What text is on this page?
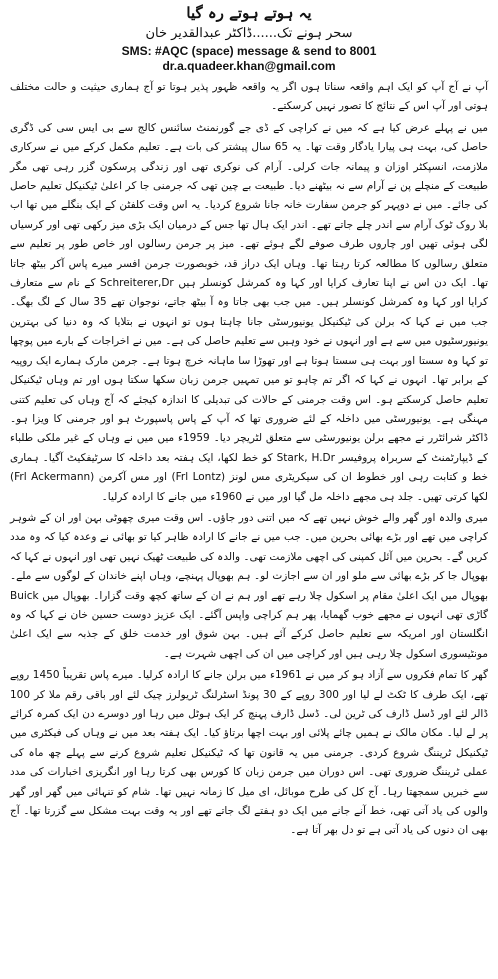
یہ ہوتے ہوتے رہ گیا

سحر ہونے تک......ڈاکٹر عبدالقدیر خان

SMS: #AQC (space) message & send to 8001

dr.a.quadeer.khan@gmail.com

آپ نے آج آپ کو ایک اہم واقعہ سناتا ہوں اگر یہ واقعہ ظہور پذیر ہوتا تو آج ہماری حیثیت و حالت مختلف ہوتی اور آپ اس کے نتائج کا تصور نہیں کرسکتے۔

میں نے پہلے عرض کیا ہے کہ میں نے کراچی کے ڈی جے گورنمنٹ سائنس کالج سے بی ایس سی کی ڈگری حاصل کی، بہت ہی پیارا یادگار وقت تھا۔ یہ 65 سال پیشتر کی بات ہے۔ تعلیم مکمل کرکے میں نے سرکاری ملازمت، انسپکٹر اوزان و پیمانہ جات کرلی۔ آرام کی نوکری تھی اور زندگی پرسکون گزر رہی تھی مگر طبیعت کے منچلے پن نے آرام سے نہ بیٹھنے دیا۔ طبیعت بے چین تھی کہ جرمنی جا کر اعلیٰ ٹیکنیکل تعلیم حاصل کی جائے۔ میں نے دوپہر کو جرمن سفارت خانہ جانا شروع کردیا۔ یہ اس وقت کلفٹن کے ایک بنگلے میں تھا اب بلا روک ٹوک آرام سے اندر چلے جاتے تھے۔ اندر ایک ہال تھا جس کے درمیان ایک بڑی میز رکھی تھی اور کرسیاں لگی ہوئی تھیں اور چاروں طرف صوفے لگے ہوئے تھے۔ میز پر جرمن رسالوں اور خاص طور پر تعلیم سے متعلق رسالوں کا مطالعہ کرتا رہتا تھا۔ وہاں ایک دراز قد، خوبصورت جرمن افسر میرے پاس آکر بیٹھ جاتا تھا۔ ایک دن اس نے اپنا تعارف کرایا اور کہا وہ کمرشل کونسلر ہیں Schreiterer,Dr کے نام سے متعارف کرایا اور کہا وہ کمرشل کونسلر ہیں۔ میں جب بھی جاتا وہ آ بیٹھ جاتے، نوجوان تھے 35 سال کے لگ بھگ۔ جب میں نے کہا کہ برلن کی ٹیکنیکل یونیورسٹی جانا چاہتا ہوں تو انہوں نے بتلایا کہ وہ دنیا کی بہترین یونیورسٹیوں میں سے ہے اور انہوں نے خود وہیں سے تعلیم حاصل کی ہے۔ میں نے اخراجات کے بارے میں پوچھا تو کہا وہ سستا اور بہت ہی سستا ہوتا ہے اور تھوڑا سا ماہانہ خرچ ہوتا ہے۔ جرمن مارک ہمارے ایک روپیہ کے برابر تھا۔ انہوں نے کہا کہ اگر تم چاہو تو میں تمہیں جرمن زبان سکھا سکتا ہوں اور تم وہاں ٹیکنیکل تعلیم حاصل کرسکتے ہو۔ اس وقت جرمنی کے حالات کی تبدیلی کا اندازہ کیجئے کہ آج وہاں کی تعلیم کتنی مہنگی ہے۔ یونیورسٹی میں داخلہ کے لئے ضروری تھا کہ آپ کے پاس پاسپورٹ ہو اور جرمنی کا ویزا ہو۔ ڈاکٹر شرائٹرر نے مجھے برلن یونیورسٹی سے متعلق لٹریچر دیا۔ 1959ء میں میں نے وہاں کے غیر ملکی طلباء کے ڈیپارٹمنٹ کے سربراہ پروفیسر Stark, H.Dr کو خط لکھا، ایک ہفتہ بعد داخلہ کا سرٹیفکیٹ آگیا۔ ہماری خط و کتابت رہی اور خطوط ان کی سیکریٹری مس لونز (Frl Lontz) اور مس آکرمن (Frl Ackermann) لکھا کرتی تھیں۔ جلد ہی مجھے داخلہ مل گیا اور میں نے 1960ء میں جانے کا ارادہ کرلیا۔

میری والدہ اور گھر والے خوش نہیں تھے کہ میں اتنی دور جاؤں۔ اس وقت میری چھوٹی بہن اور ان کے شوہر کراچی میں تھے اور بڑے بھائی بحرین میں۔ جب میں نے جانے کا ارادہ ظاہر کیا تو بھائی نے وعدہ کیا کہ وہ مدد کریں گے۔ بحرین میں آئل کمپنی کی اچھی ملازمت تھی۔ والدہ کی طبیعت ٹھیک نہیں تھی اور انہوں نے کہا کہ بھوپال جا کر بڑے بھائی سے ملو اور ان سے اجازت لو۔ ہم بھوپال پہنچے، وہاں اپنے خاندان کے لوگوں سے ملے۔ بھوپال میں ایک اعلیٰ مقام پر اسکول چلا رہے تھے اور ہم نے ان کے ساتھ کچھ وقت گزارا۔ بھوپال میں Buick گاڑی تھی انہوں نے مجھے خوب گھمایا، پھر ہم کراچی واپس آگئے۔ ایک عزیز دوست حسین خان نے کہا کہ وہ انگلستان اور امریکہ سے تعلیم حاصل کرکے آئے ہیں۔ بہن شوق اور خدمت خلق کے جذبہ سے ایک اعلیٰ مونٹیسوری اسکول چلا رہی ہیں اور کراچی میں ان کی اچھی شہرت ہے۔

گھر کا تمام فکروں سے آزاد ہو کر میں نے 1961ء میں برلن جانے کا ارادہ کرلیا۔ میرے پاس تقریباً 1450 روپے تھے، ایک طرف کا ٹکٹ لے لیا اور 300 روپے کے 30 پونڈ اسٹرلنگ ٹریولرز چیک لئے اور باقی رقم ملا کر 100 ڈالر لئے اور ڈسل ڈارف کی ٹرین لی۔ ڈسل ڈارف پہنچ کر ایک ہوٹل میں رہا اور دوسرے دن ایک کمرہ کرائے پر لے لیا۔ مکان مالک نے ہمیں چائے پلائی اور بہت اچھا برتاؤ کیا۔ ایک ہفتہ بعد میں نے وہاں کی فیکٹری میں ٹیکنیکل ٹریننگ شروع کردی۔ جرمنی میں یہ قانون تھا کہ ٹیکنیکل تعلیم شروع کرنے سے پہلے چھ ماہ کی عملی ٹریننگ ضروری تھی۔ اس دوران میں جرمن زبان کا کورس بھی کرتا رہا اور انگریزی اخبارات کی مدد سے خبریں سمجھتا رہا۔ آج کل کی طرح موبائل، ای میل کا زمانہ نہیں تھا۔ شام کو تنہائی میں گھر اور گھر والوں کی یاد آتی تھی، خط آنے جانے میں ایک دو ہفتے لگ جاتے تھے اور یہ وقت بہت مشکل سے گزرتا تھا۔ آج بھی ان دنوں کی یاد آتی ہے تو دل بھر آتا ہے۔
